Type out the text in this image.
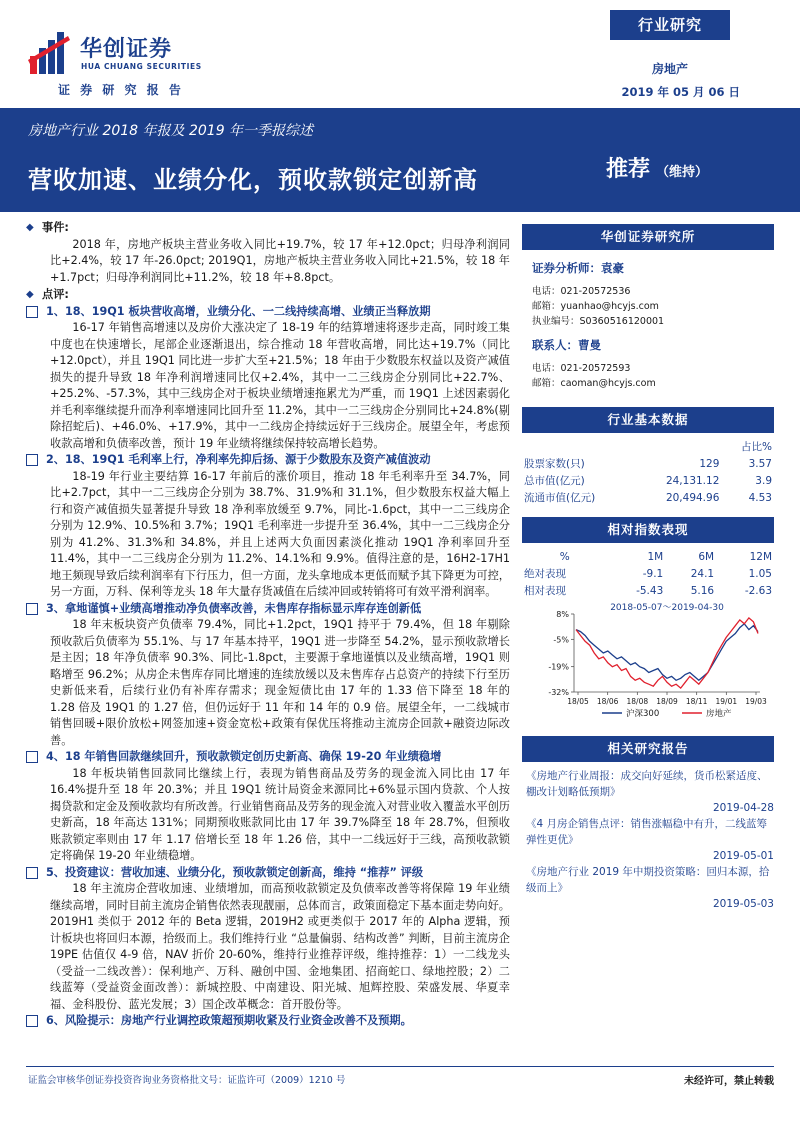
华创证券
HUA CHUANG SECURITIES
证 券 研 究 报 告
行业研究
房地产
2019 年 05 月 06 日
房地产行业 2018 年报及 2019 年一季报综述
营收加速、业绩分化，预收款锁定创新高	推荐 （维持）
◆ 事件:
2018 年，房地产板块主营业务收入同比+19.7%，较 17 年+12.0pct；归母净利润同比+2.4%，较 17 年-26.0pct; 2019Q1，房地产板块主营业务收入同比+21.5%，较 18 年+1.7pct；归母净利润同比+11.2%，较 18 年+8.8pct。
◆ 点评:
1、18、19Q1 板块营收高增，业绩分化、一二线持续高增、业绩正当释放期
16-17 年销售高增速以及房价大涨决定了 18-19 年的结算增速将逐步走高，同时竣工集中度也在快速增长，尾部企业逐渐退出，综合推动 18 年营收高增，同比达+19.7%（同比+12.0pct），并且 19Q1 同比进一步扩大至+21.5%；18 年由于少数股东权益以及资产减值损失的提升导致 18 年净利润增速同比仅+2.4%，其中一二三线房企分别同比+22.7%、+25.2%、-57.3%，其中三线房企对于板块业绩增速拖累尤为严重，而 19Q1 上述因素弱化并毛利率继续提升而净利率增速同比回升至 11.2%，其中一二三线房企分别同比+24.8%(剔除招蛇后)、+46.0%、+17.9%，其中一二线房企持续远好于三线房企。展望全年，考虑预收款高增和负债率改善，预计 19 年业绩将继续保持较高增长趋势。
2、18、19Q1 毛利率上行，净利率先抑后扬、源于少数股东及资产减值波动
18-19 年行业主要结算 16-17 年前后的涨价项目，推动 18 年毛利率升至 34.7%，同比+2.7pct，其中一二三线房企分别为 38.7%、31.9%和 31.1%，但少数股东权益大幅上行和资产减值损失显著提升导致 18 净利率放缓至 9.7%，同比-1.6pct，其中一二三线房企分别为 12.9%、10.5%和 3.7%；19Q1 毛利率进一步提升至 36.4%，其中一二三线房企分别为 41.2%、31.3%和 34.8%，并且上述两大负面因素淡化推动 19Q1 净利率回升至 11.4%，其中一二三线房企分别为 11.2%、14.1%和 9.9%。值得注意的是，16H2-17H1 地王频现导致后续利润率有下行压力，但一方面，龙头拿地成本更低而赋予其下降更为可控，另一方面，万科、保利等龙头 18 年大量存货减值在后续冲回或转销将可有效平滑利润率。
3、拿地谨慎+业绩高增推动净负债率改善，未售库存指标显示库存连创新低
18 年末板块资产负债率 79.4%，同比+1.2pct，19Q1 持平于 79.4%，但 18 年剔除预收款后负债率为 55.1%、与 17 年基本持平，19Q1 进一步降至 54.2%，显示预收款增长是主因；18 年净负债率 90.3%、同比-1.8pct，主要源于拿地谨慎以及业绩高增，19Q1 则略增至 96.2%；从房企未售库存同比增速的连续放缓以及未售库存占总资产的持续下行至历史新低来看，后续行业仍有补库存需求；现金短债比由 17 年的 1.33 倍下降至 18 年的 1.28 倍及 19Q1 的 1.27 倍，但仍远好于 11 年和 14 年的 0.9 倍。展望全年，一二线城市销售回暖+限价放松+网签加速+资金宽松+政策有保优压将推动主流房企回款+融资边际改善。
4、18 年销售回款继续回升，预收款锁定创历史新高、确保 19-20 年业绩稳增
18 年板块销售回款同比继续上行，表现为销售商品及劳务的现金流入同比由 17 年 16.4%提升至 18 年 20.3%；并且 19Q1 统计局资金来源同比+6%显示国内贷款、个人按揭贷款和定金及预收款均有所改善。行业销售商品及劳务的现金流入对营业收入覆盖水平创历史新高，18 年高达 131%；同期预收账款同比由 17 年 39.7%降至 18 年 28.7%，但预收账款锁定率则由 17 年 1.17 倍增长至 18 年 1.26 倍，其中一二线远好于三线，高预收款锁定将确保 19-20 年业绩稳增。
5、投资建议：营收加速、业绩分化，预收款锁定创新高，维持 “推荐” 评级
18 年主流房企营收加速、业绩增加，而高预收款锁定及负债率改善等将保障 19 年业绩继续高增，同时目前主流房企销售依然表现靓丽，总体而言，政策面稳定下基本面走势向好。2019H1 类似于 2012 年的 Beta 逻辑，2019H2 或更类似于 2017 年的 Alpha 逻辑，预计板块也将回归本源，拾级而上。我们维持行业 “总量偏弱、结构改善” 判断，目前主流房企 19PE 估值仅 4-9 倍，NAV 折价 20-60%，维持行业推荐评级，维持推荐：1）一二线龙头（受益一二线改善）：保利地产、万科、融创中国、金地集团、招商蛇口、绿地控股；2）二线蓝筹（受益资金面改善）：新城控股、中南建设、阳光城、旭辉控股、荣盛发展、华夏幸福、金科股份、蓝光发展；3）国企改革概念：首开股份等。
6、风险提示：房地产行业调控政策超预期收紧及行业资金改善不及预期。
华创证券研究所
证券分析师：袁豪
电话：021-20572536
邮箱：yuanhao@hcyjs.com
执业编号：S0360516120001
联系人：曹曼
电话：021-20572593
邮箱：caoman@hcyjs.com
行业基本数据
		占比%
股票家数(只)	129	3.57
总市值(亿元)	24,131.12	3.9
流通市值(亿元)	20,494.96	4.53
相对指数表现
%	1M	6M	12M
绝对表现	-9.1	24.1	1.05
相对表现	-5.43	5.16	-2.63
2018-05-07～2019-04-30
8%
-5%
-19%
-32%
18/05 18/06 18/08 18/09 18/11 19/01 19/03
沪深300	房地产
相关研究报告
《房地产行业周报：成交向好延续，货币松紧适度、棚改计划略低预期》
2019-04-28
《4 月房企销售点评：销售涨幅稳中有升，二线蓝筹弹性更优》
2019-05-01
《房地产行业 2019 年中期投资策略：回归本源，拾级而上》
2019-05-03
证监会审核华创证券投资咨询业务资格批文号：证监许可（2009）1210 号	未经许可，禁止转载
